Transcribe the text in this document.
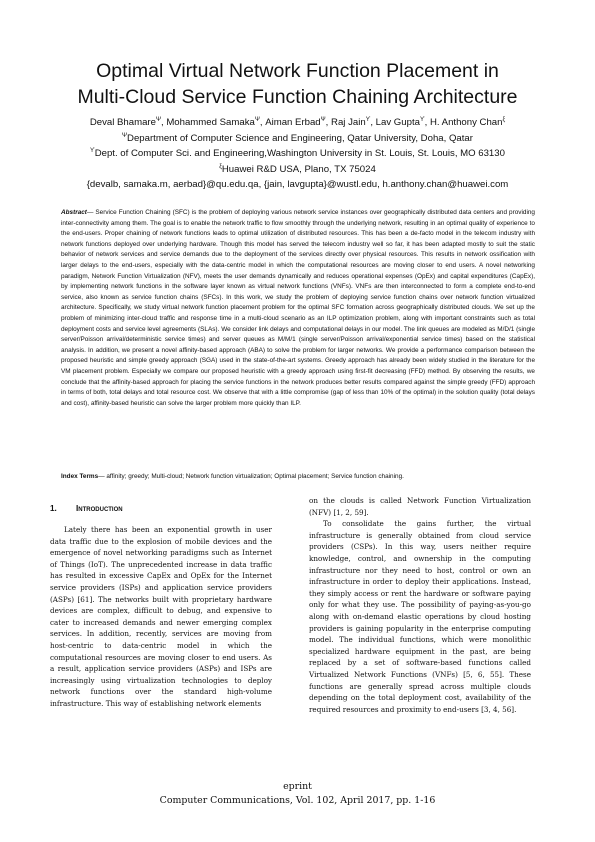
Optimal Virtual Network Function Placement in
Multi-Cloud Service Function Chaining Architecture
Deval Bhamare$^\Psi$, Mohammed Samaka$^\Psi$, Aiman Erbad$^\Psi$, Raj Jain$^ϒ$, Lav Gupta$^ϒ$, H. Anthony Chan$^\xi$
$^\Psi$Department of Computer Science and Engineering, Qatar University, Doha, Qatar
$^ϒ$Dept. of Computer Sci. and Engineering,Washington University in St. Louis, St. Louis, MO 63130
$^\xi$Huawei R&D USA, Plano, TX 75024
{devalb, samaka.m, aerbad}@qu.edu.qa, {jain, lavgupta}@wustl.edu, h.anthony.chan@huawei.com

Abstract— Service Function Chaining (SFC) is the problem of deploying various network service instances over geographically distributed data centers and providing inter-connectivity among them. The goal is to enable the network traffic to flow smoothly through the underlying network, resulting in an optimal quality of experience to the end-users. Proper chaining of network functions leads to optimal utilization of distributed resources. This has been a de-facto model in the telecom industry with network functions deployed over underlying hardware. Though this model has served the telecom industry well so far, it has been adapted mostly to suit the static behavior of network services and service demands due to the deployment of the services directly over physical resources. This results in network ossification with larger delays to the end-users, especially with the data-centric model in which the computational resources are moving closer to end users. A novel networking paradigm, Network Function Virtualization (NFV), meets the user demands dynamically and reduces operational expenses (OpEx) and capital expenditures (CapEx), by implementing network functions in the software layer known as virtual network functions (VNFs). VNFs are then interconnected to form a complete end-to-end service, also known as service function chains (SFCs). In this work, we study the problem of deploying service function chains over network function virtualized architecture. Specifically, we study virtual network function placement problem for the optimal SFC formation across geographically distributed clouds. We set up the problem of minimizing inter-cloud traffic and response time in a multi-cloud scenario as an ILP optimization problem, along with important constraints such as total deployment costs and service level agreements (SLAs). We consider link delays and computational delays in our model. The link queues are modeled as M/D/1 (single server/Poisson arrival/deterministic service times) and server queues as M/M/1 (single server/Poisson arrival/exponential service times) based on the statistical analysis. In addition, we present a novel affinity-based approach (ABA) to solve the problem for larger networks. We provide a performance comparison between the proposed heuristic and simple greedy approach (SGA) used in the state-of-the-art systems. Greedy approach has already been widely studied in the literature for the VM placement problem. Especially we compare our proposed heuristic with a greedy approach using first-fit decreasing (FFD) method. By observing the results, we conclude that the affinity-based approach for placing the service functions in the network produces better results compared against the simple greedy (FFD) approach in terms of both, total delays and total resource cost. We observe that with a little compromise (gap of less than 10% of the optimal) in the solution quality (total delays and cost), affinity-based heuristic can solve the larger problem more quickly than ILP.

Index Terms— affinity; greedy; Multi-cloud; Network function virtualization; Optimal placement; Service function chaining.

1. Introduction

Lately there has been an exponential growth in user data traffic due to the explosion of mobile devices and the emergence of novel networking paradigms such as Internet of Things (IoT). The unprecedented increase in data traffic has resulted in excessive CapEx and OpEx for the Internet service providers (ISPs) and application service providers (ASPs) [61]. The networks built with proprietary hardware devices are complex, difficult to debug, and expensive to cater to increased demands and newer emerging complex services. In addition, recently, services are moving from host-centric to data-centric model in which the computational resources are moving closer to end users. As a result, application service providers (ASPs) and ISPs are increasingly using virtualization technologies to deploy network functions over the standard high-volume infrastructure. This way of establishing network elements

on the clouds is called Network Function Virtualization (NFV) [1, 2, 59].

To consolidate the gains further, the virtual infrastructure is generally obtained from cloud service providers (CSPs). In this way, users neither require knowledge, control, and ownership in the computing infrastructure nor they need to host, control or own an infrastructure in order to deploy their applications. Instead, they simply access or rent the hardware or software paying only for what they use. The possibility of paying-as-you-go along with on-demand elastic operations by cloud hosting providers is gaining popularity in the enterprise computing model. The individual functions, which were monolithic specialized hardware equipment in the past, are being replaced by a set of software-based functions called Virtualized Network Functions (VNFs) [5, 6, 55]. These functions are generally spread across multiple clouds depending on the total deployment cost, availability of the required resources and proximity to end-users [3, 4, 56].

eprint
Computer Communications, Vol. 102, April 2017, pp. 1-16
